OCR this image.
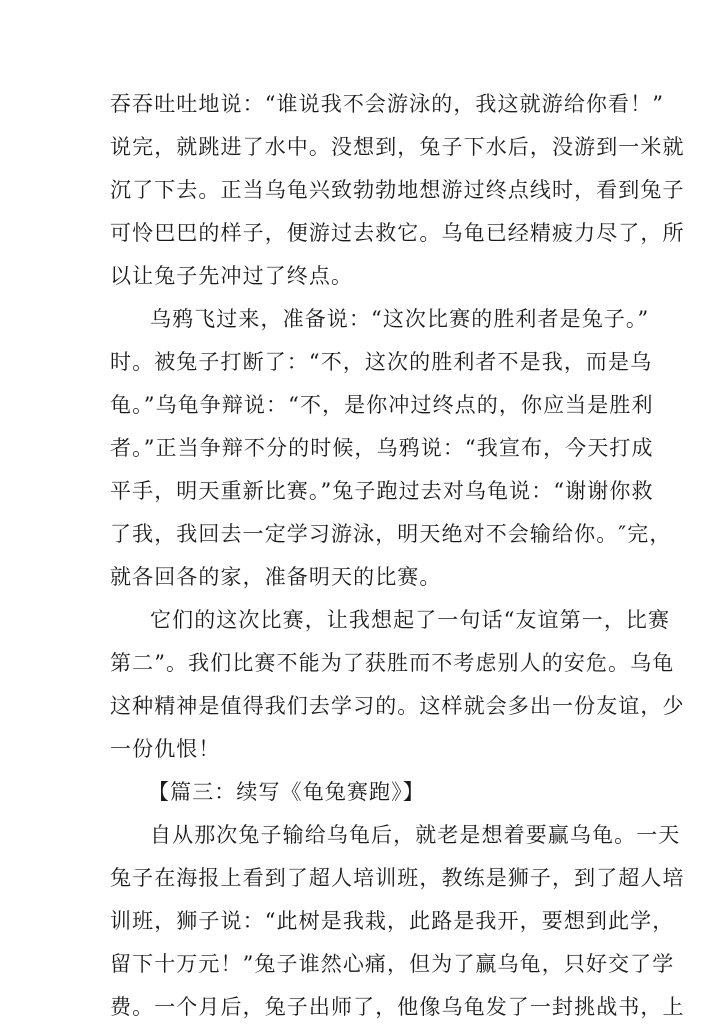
吞吞吐吐地说：“谁说我不会游泳的，我这就游给你看！”
说完，就跳进了水中。没想到，兔子下水后，没游到一米就
沉了下去。正当乌龟兴致勃勃地想游过终点线时，看到兔子
可怜巴巴的样子，便游过去救它。乌龟已经精疲力尽了，所
以让兔子先冲过了终点。
乌鸦飞过来，准备说：“这次比赛的胜利者是兔子。”
时。被兔子打断了：“不，这次的胜利者不是我，而是乌
龟。”乌龟争辩说：“不，是你冲过终点的，你应当是胜利
者。”正当争辩不分的时候，乌鸦说：“我宣布，今天打成
平手，明天重新比赛。”兔子跑过去对乌龟说：“谢谢你救
了我，我回去一定学习游泳，明天绝对不会输给你。″完，
就各回各的家，准备明天的比赛。
它们的这次比赛，让我想起了一句话“友谊第一，比赛
第二”。我们比赛不能为了获胜而不考虑别人的安危。乌龟
这种精神是值得我们去学习的。这样就会多出一份友谊，少
一份仇恨！
【篇三：续写《龟兔赛跑》】
自从那次兔子输给乌龟后，就老是想着要赢乌龟。一天
兔子在海报上看到了超人培训班，教练是狮子，到了超人培
训班，狮子说：“此树是我栽，此路是我开，要想到此学，
留下十万元！”兔子谁然心痛，但为了赢乌龟，只好交了学
费。一个月后，兔子出师了，他像乌龟发了一封挑战书，上
